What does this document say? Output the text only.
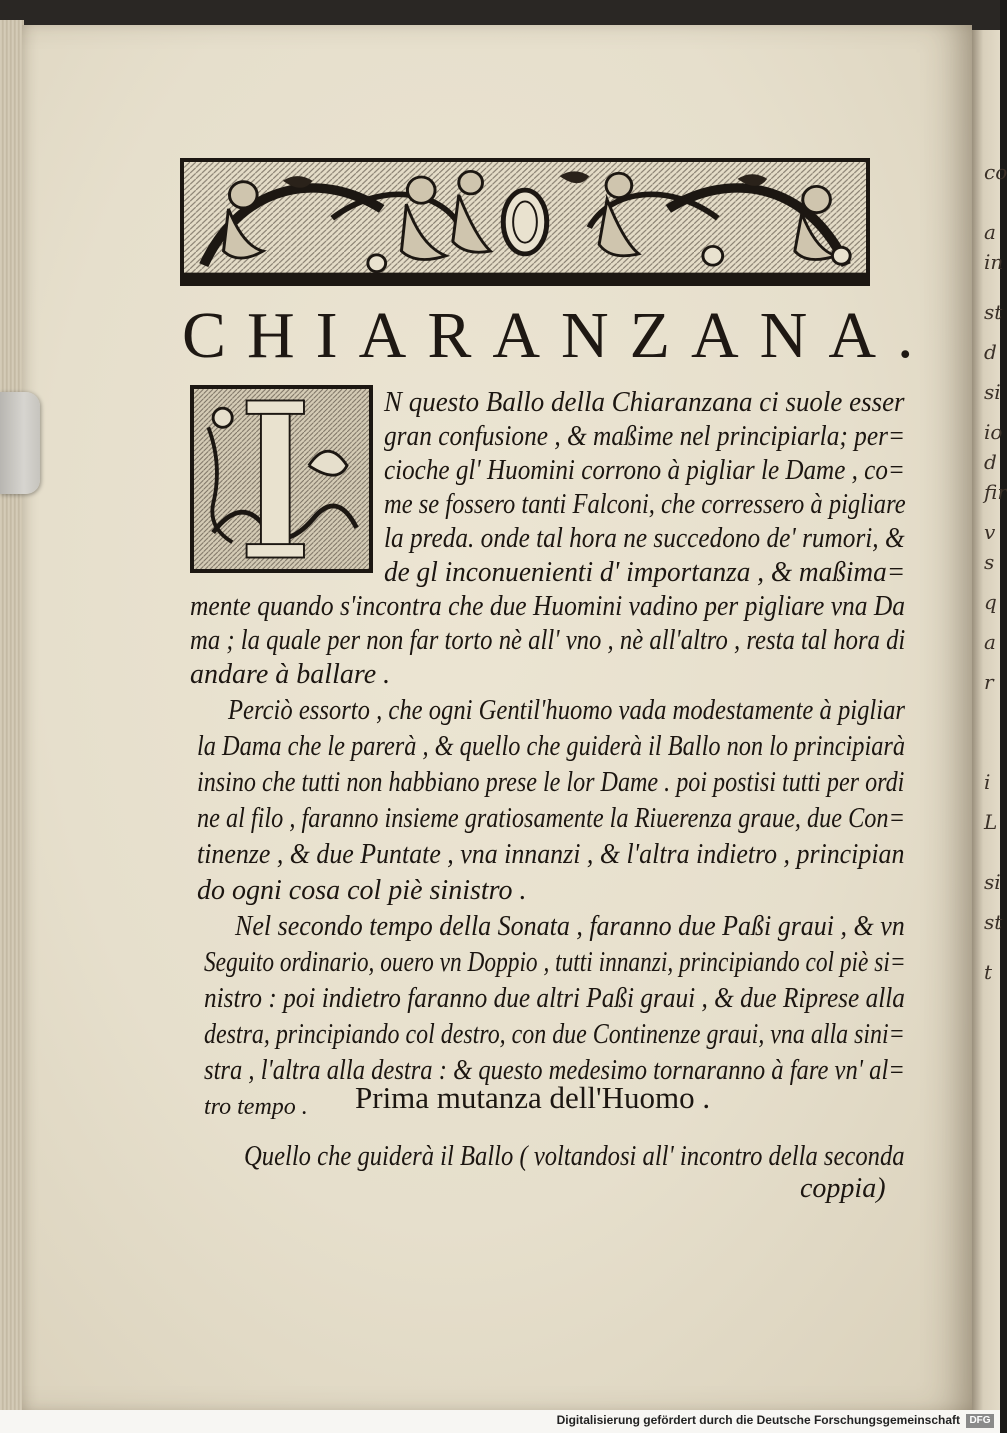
co
a
in
st
d
si
io
d
fir
v
s
q
a
r
i
L
si
st
t
CHIARANZANA.
N questo Ballo della Chiaranzana ci suole esser
gran confusione , & maßime nel principiarla; per=
cioche gl' Huomini corrono à pigliar le Dame , co=
me se fossero tanti Falconi, che corressero à pigliare
la preda. onde tal hora ne succedono de' rumori, &
de gl inconuenienti d' importanza , & maßima=
mente quando s'incontra che due Huomini vadino per pigliare vna Da
ma ; la quale per non far torto nè all' vno , nè all'altro , resta tal hora di
andare à ballare .
Perciò essorto , che ogni Gentil'huomo vada modestamente à pigliar
la Dama che le parerà , & quello che guiderà il Ballo non lo principiarà
insino che tutti non habbiano prese le lor Dame . poi postisi tutti per ordi
ne al filo , faranno insieme gratiosamente la Riuerenza graue, due Con=
tinenze , & due Puntate , vna innanzi , & l'altra indietro , principian
do ogni cosa col piè sinistro .
Nel secondo tempo della Sonata , faranno due Paßi graui , & vn
Seguito ordinario, ouero vn Doppio , tutti innanzi, principiando col piè si=
nistro : poi indietro faranno due altri Paßi graui , & due Riprese alla
destra, principiando col destro, con due Continenze graui, vna alla sini=
stra , l'altra alla destra : & questo medesimo tornaranno à fare vn' al=
tro tempo . Prima mutanza dell'Huomo .
Quello che guiderà il Ballo ( voltandosi all' incontro della seconda
coppia)
Digitalisierung gefördert durch die Deutsche Forschungsgemeinschaft DFG
